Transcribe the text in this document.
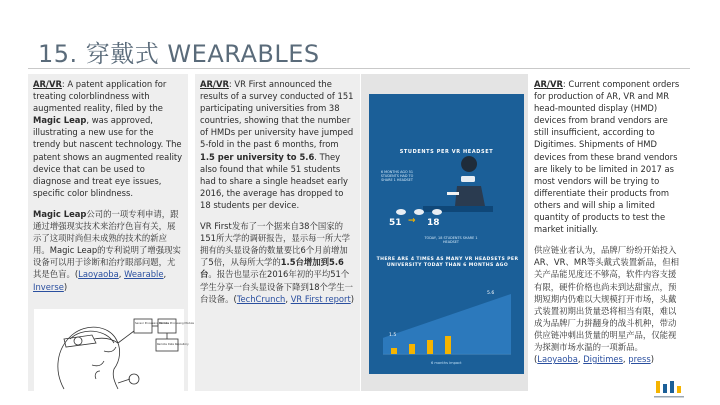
15. 穿戴式 WEARABLES

AR/VR: A patent application for treating colorblindness with augmented reality, filed by the Magic Leap, was approved, illustrating a new use for the trendy but nascent technology. The patent shows an augmented reality device that can be used to diagnose and treat eye issues, specific color blindness.

Magic Leap公司的一项专利申请，跟通过增强现实技术来治疗色盲有关，展示了这项时尚但未成熟的技术的新应用。Magic Leap的专利说明了增强现实设备可以用于诊断和治疗眼部问题，尤其是色盲。(Laoyaoba, Wearable, Inverse)

Sensor Processing Module
Remote Processing Module
Remote Data Repository

AR/VR: VR First announced the results of a survey conducted of 151 participating universities from 38 countries, showing that the number of HMDs per university have jumped 5-fold in the past 6 months, from 1.5 per university to 5.6. They also found that while 51 students had to share a single headset early 2016, the average has dropped to 18 students per device.

VR First发布了一个据来自38个国家的151所大学的调研报告，显示每一所大学拥有的头显设备的数量要比6个月前增加了5倍，从每所大学的1.5台增加到5.6台。报告也显示在2016年初的平均51个学生分享一台头显设备下降到18个学生一台设备。(TechCrunch, VR First report)

STUDENTS PER VR HEADSET
6 MONTHS AGO 51 STUDENTS HAD TO SHARE 1 HEADSET
51 → 18
TODAY, 18 STUDENTS SHARE 1 HEADSET
THERE ARE 4 TIMES AS MANY VR HEADSETS PER UNIVERSITY TODAY THAN 6 MONTHS AGO
1.5
5.6
6 months impact

AR/VR: Current component orders for production of AR, VR and MR head-mounted display (HMD) devices from brand vendors are still insufficient, according to Digitimes. Shipments of HMD devices from these brand vendors are likely to be limited in 2017 as most vendors will be trying to differentiate their products from others and will ship a limited quantity of products to test the market initially.

供应链业者认为，品牌厂纷纷开始投入AR、VR、MR等头戴式装置新品，但相关产品能见度还不够高，软件内容支援有限，硬件价格也尚未到达甜蜜点，预期短期内仍难以大规模打开市场，头戴式装置初期出货量恐将相当有限，难以成为品牌厂力拼翻身的战斗机种，带动供应链冲刺出货量的明星产品，仅能视为探测市场水温的一项新品。(Laoyaoba, Digitimes, press)
